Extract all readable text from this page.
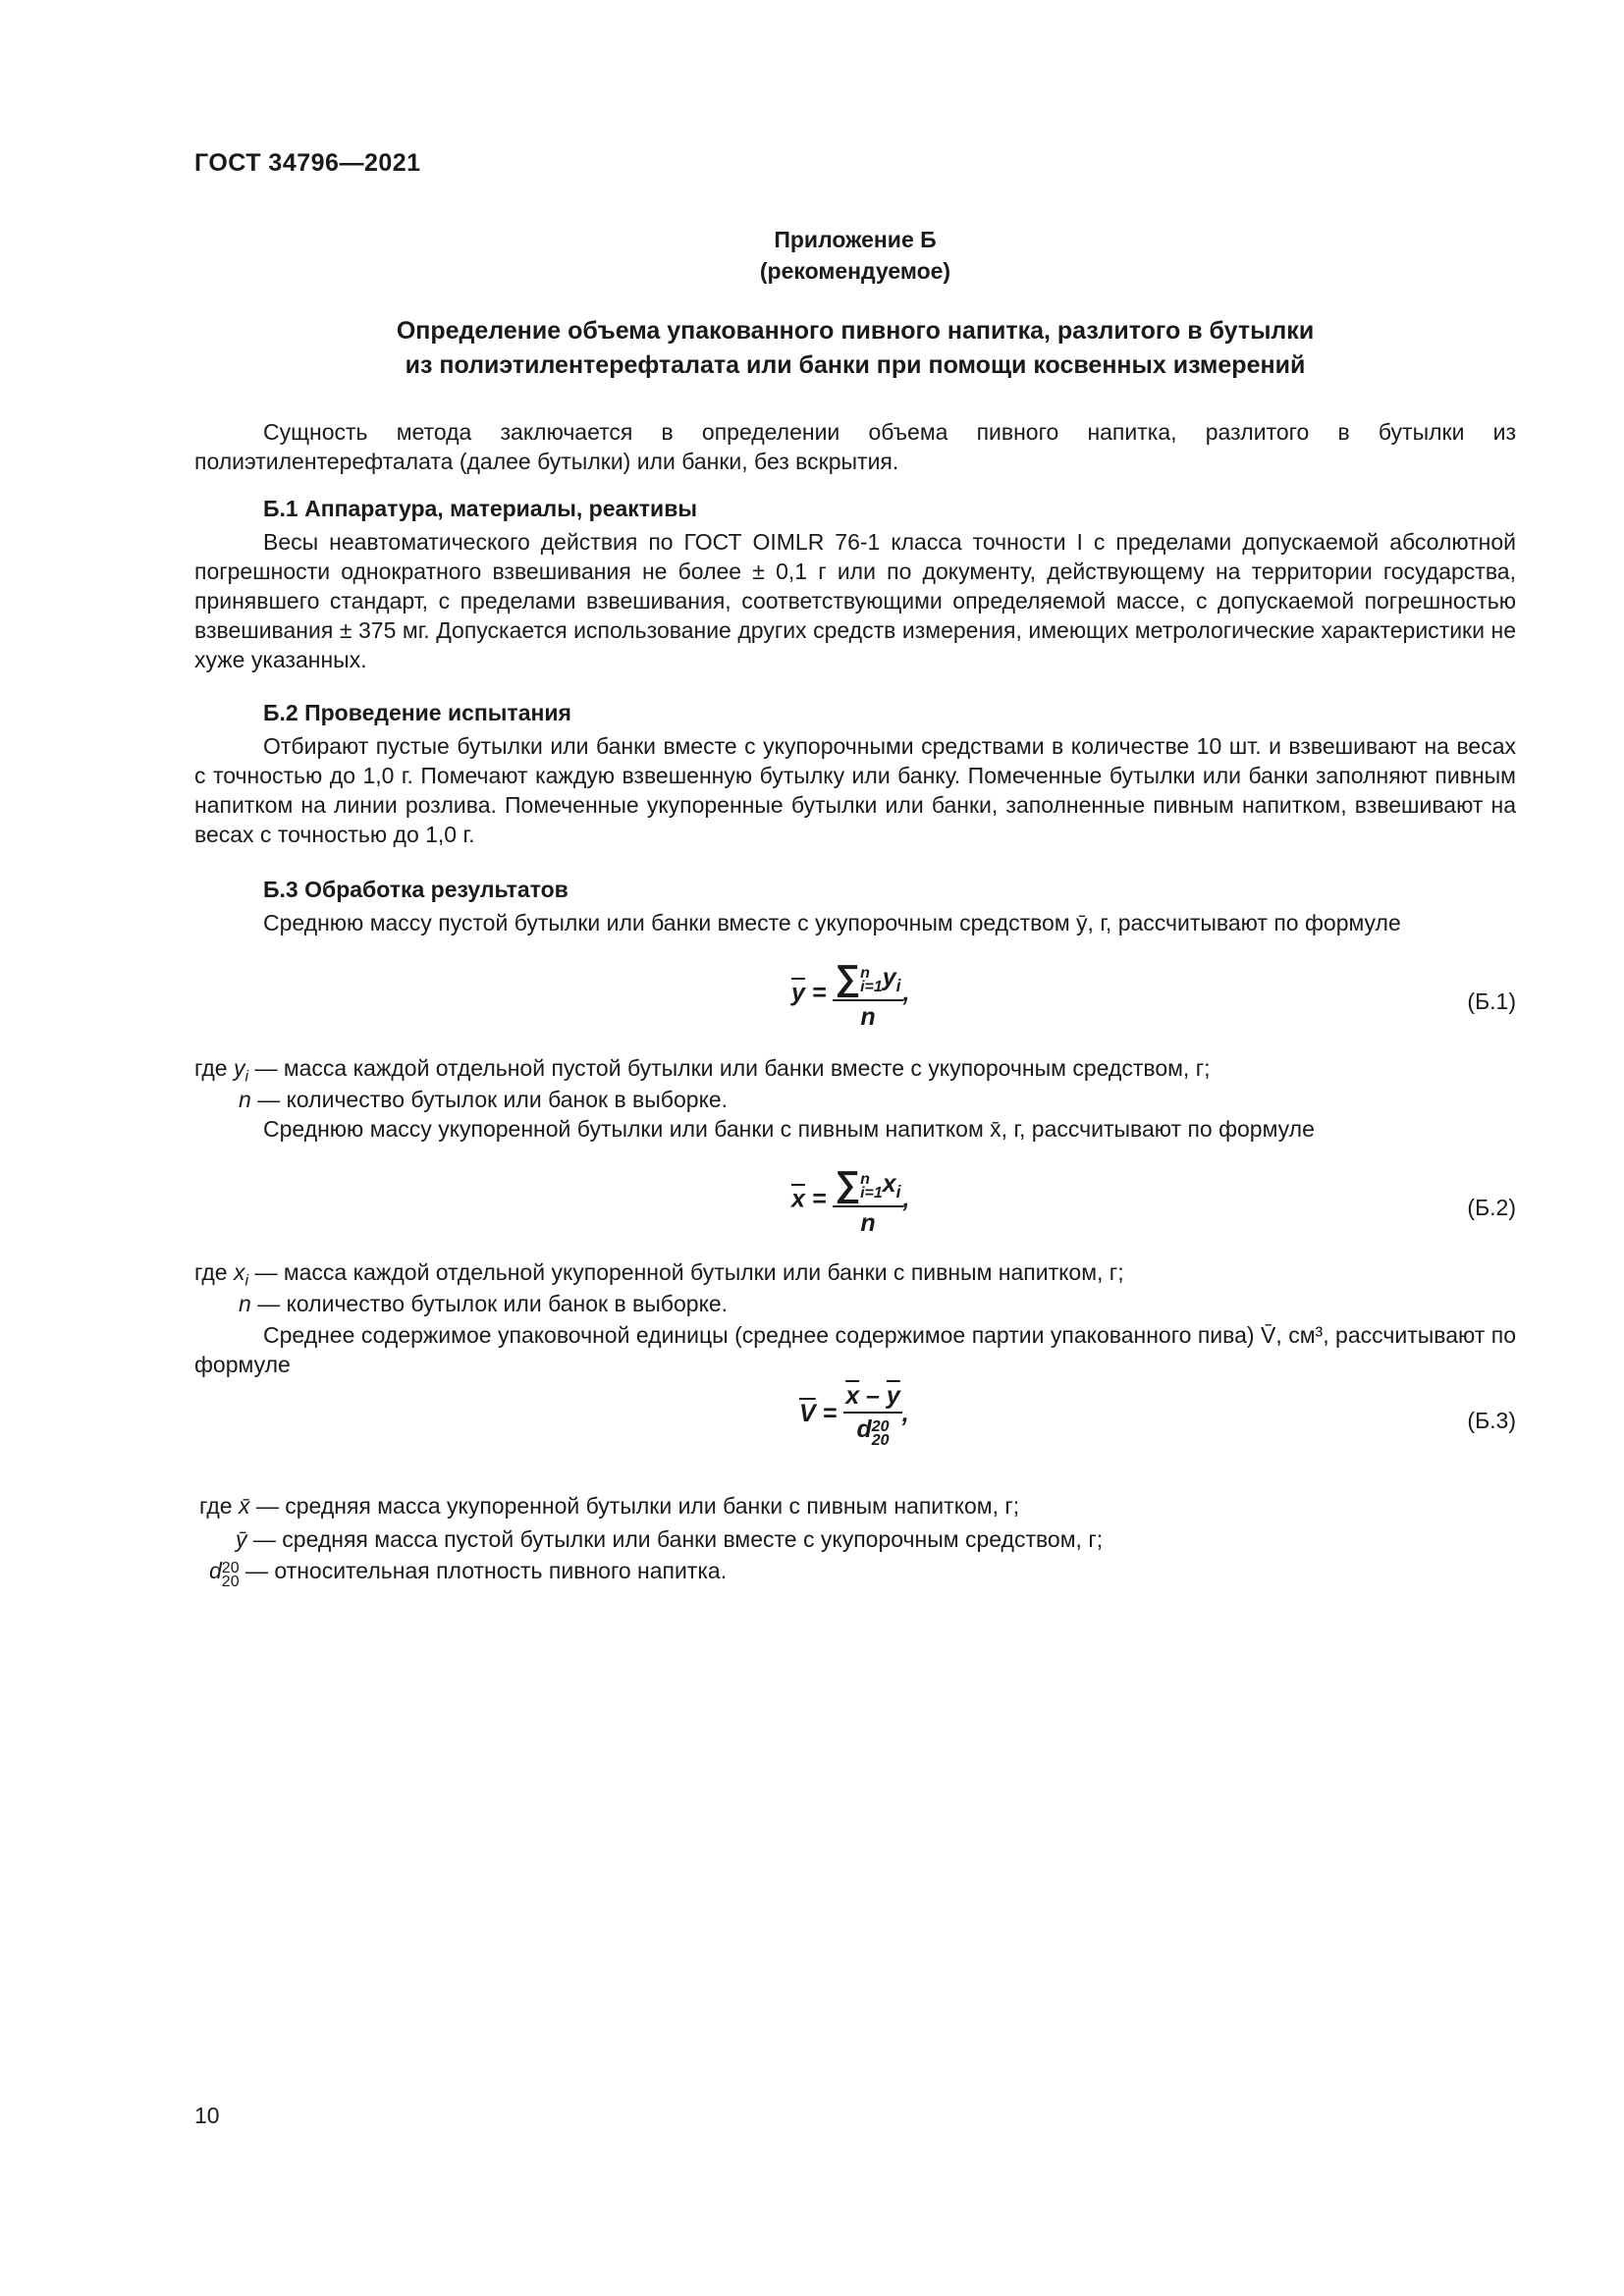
ГОСТ 34796—2021
Приложение Б
(рекомендуемое)
Определение объема упакованного пивного напитка, разлитого в бутылки
из полиэтилентерефталата или банки при помощи косвенных измерений

Сущность метода заключается в определении объема пивного напитка, разлитого в бутылки из полиэтилентерефталата (далее бутылки) или банки, без вскрытия.

Б.1 Аппаратура, материалы, реактивы

Весы неавтоматического действия по ГОСТ OIMLR 76-1 класса точности I с пределами допускаемой абсолютной погрешности однократного взвешивания не более ± 0,1 г или по документу, действующему на территории государства, принявшего стандарт, с пределами взвешивания, соответствующими определяемой массе, с допускаемой погрешностью взвешивания ± 375 мг. Допускается использование других средств измерения, имеющих метрологические характеристики не хуже указанных.

Б.2 Проведение испытания

Отбирают пустые бутылки или банки вместе с укупорочными средствами в количестве 10 шт. и взвешивают на весах с точностью до 1,0 г. Помечают каждую взвешенную бутылку или банку. Помеченные бутылки или банки заполняют пивным напитком на линии розлива. Помеченные укупоренные бутылки или банки, заполненные пивным напитком, взвешивают на весах с точностью до 1,0 г.

Б.3 Обработка результатов

Среднюю массу пустой бутылки или банки вместе с укупорочным средством ȳ, г, рассчитывают по формуле

$\overline{y}$ = ∑ n
i=1 $y_i$
n ,	(Б.1)
где $y_i$ — масса каждой отдельной пустой бутылки или банки вместе с укупорочным средством, г;
n — количество бутылок или банок в выборке.
Среднюю массу укупоренной бутылки или банки с пивным напитком x̄, г, рассчитывают по формуле
$\overline{x}$ = ∑ n
i=1 $x_i$
n ,	(Б.2)
где $x_i$ — масса каждой отдельной укупоренной бутылки или банки с пивным напитком, г;
n — количество бутылок или банок в выборке.

Среднее содержимое упаковочной единицы (среднее содержимое партии упакованного пива) V̄, см³, рассчитывают по формуле

$\overline{V} = \overline{x} - \overline{y}$
d 20
20 ,	(Б.3)
где x̄ — средняя масса укупоренной бутылки или банки с пивным напитком, г;
ȳ — средняя масса пустой бутылки или банки вместе с укупорочным средством, г;
d 20
20 — относительная плотность пивного напитка.
10
